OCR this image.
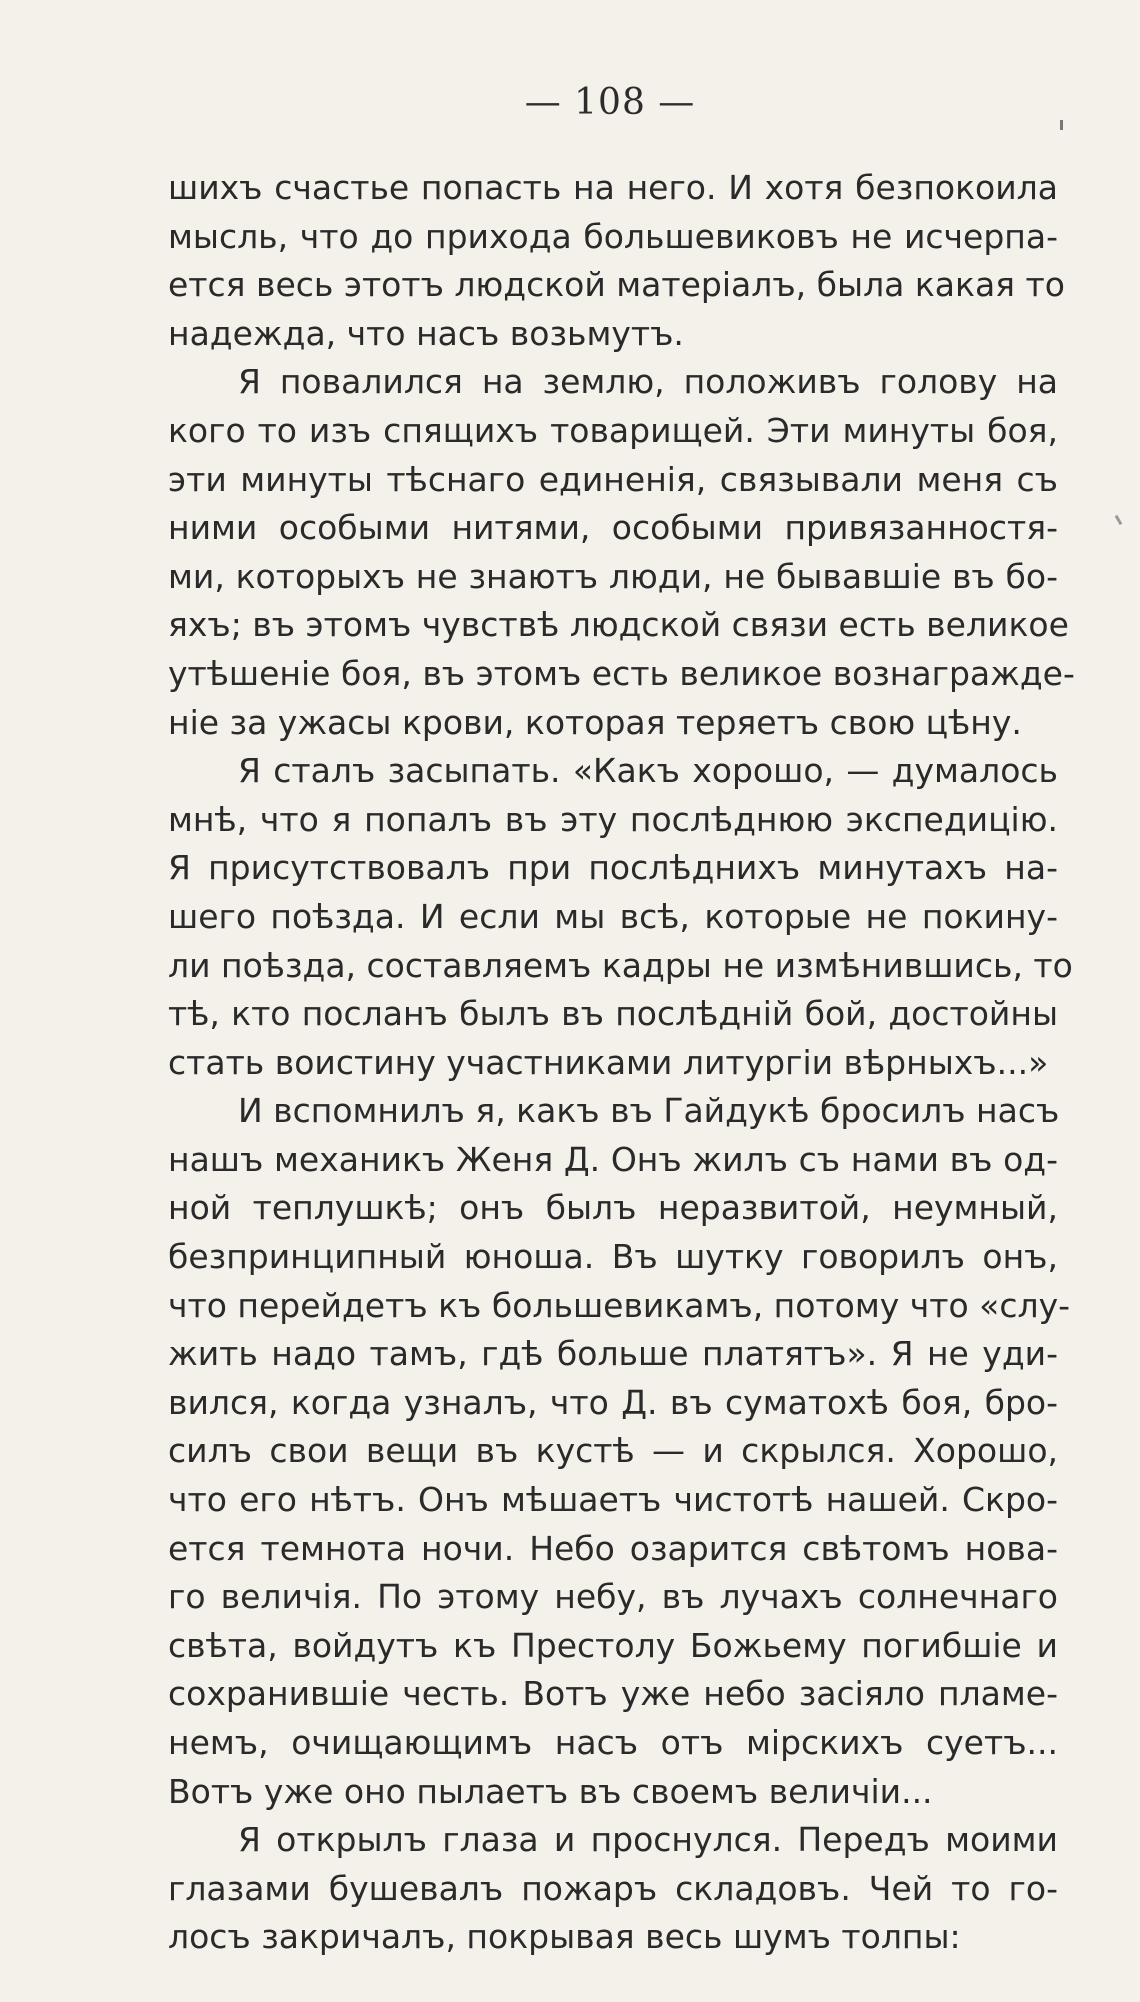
— 108 —
шихъ счастье попасть на него. И хотя безпокоила
мысль, что до прихода большевиковъ не исчерпа-
ется весь этотъ людской матерiалъ, была какая то
надежда, что насъ возьмутъ.
Я повалился на землю, положивъ голову на
кого то изъ спящихъ товарищей. Эти минуты боя,
эти минуты тѣснаго единенiя, связывали меня съ
ними особыми нитями, особыми привязанностя-
ми, которыхъ не знаютъ люди, не бывавшiе въ бо-
яхъ; въ этомъ чувствѣ людской связи есть великое
утѣшенiе боя, въ этомъ есть великое вознагражде-
нiе за ужасы крови, которая теряетъ свою цѣну.
Я сталъ засыпать. «Какъ хорошо, — думалось
мнѣ, что я попалъ въ эту послѣднюю экспедицiю.
Я присутствовалъ при послѣднихъ минутахъ на-
шего поѣзда. И если мы всѣ, которые не покину-
ли поѣзда, составляемъ кадры не измѣнившись, то
тѣ, кто посланъ былъ въ послѣднiй бой, достойны
стать воистину участниками литургiи вѣрныхъ...»
И вспомнилъ я, какъ въ Гайдукѣ бросилъ насъ
нашъ механикъ Женя Д. Онъ жилъ съ нами въ од-
ной теплушкѣ; онъ былъ неразвитой, неумный,
безпринципный юноша. Въ шутку говорилъ онъ,
что перейдетъ къ большевикамъ, потому что «слу-
жить надо тамъ, гдѣ больше платятъ». Я не уди-
вился, когда узналъ, что Д. въ суматохѣ боя, бро-
силъ свои вещи въ кустѣ — и скрылся. Хорошо,
что его нѣтъ. Онъ мѣшаетъ чистотѣ нашей. Скро-
ется темнота ночи. Небо озарится свѣтомъ нова-
го величiя. По этому небу, въ лучахъ солнечнаго
свѣта, войдутъ къ Престолу Божьему погибшiе и
сохранившiе честь. Вотъ уже небо засiяло пламе-
немъ, очищающимъ насъ отъ мiрскихъ суетъ...
Вотъ уже оно пылаетъ въ своемъ величiи...
Я открылъ глаза и проснулся. Передъ моими
глазами бушевалъ пожаръ складовъ. Чей то го-
лосъ закричалъ, покрывая весь шумъ толпы:
